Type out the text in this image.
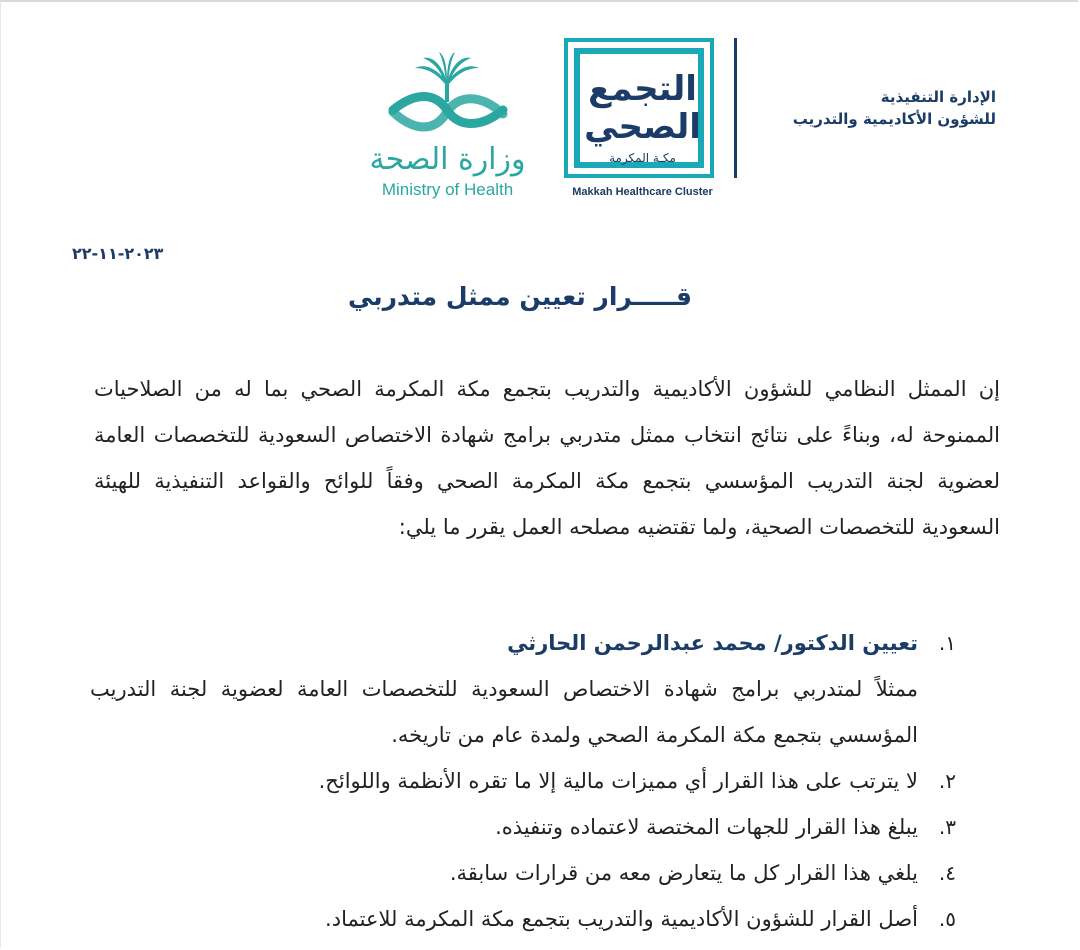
وزارة الصحة
Ministry of Health
التجمع
الصحي
مكـة المكرمة
Makkah Healthcare Cluster
الإدارة التنفيذية
للشؤون الأكاديمية والتدريب
٢٠٢٣-١١-٢٢
قـــــرار تعيين ممثل متدربي
إن الممثل النظامي للشؤون الأكاديمية والتدريب بتجمع مكة المكرمة الصحي بما له من الصلاحيات الممنوحة له، وبناءً على نتائج انتخاب ممثل متدربي برامج شهادة الاختصاص السعودية للتخصصات العامة لعضوية لجنة التدريب المؤسسي بتجمع مكة المكرمة الصحي وفقاً للوائح والقواعد التنفيذية للهيئة السعودية للتخصصات الصحية، ولما تقتضيه مصلحه العمل يقرر ما يلي:
١.
تعيين الدكتور/ محمد عبدالرحمن الحارثي
ممثلاً لمتدربي برامج شهادة الاختصاص السعودية للتخصصات العامة لعضوية لجنة التدريب المؤسسي بتجمع مكة المكرمة الصحي ولمدة عام من تاريخه.
٢.
لا يترتب على هذا القرار أي مميزات مالية إلا ما تقره الأنظمة واللوائح.
٣.
يبلغ هذا القرار للجهات المختصة لاعتماده وتنفيذه.
٤.
يلغي هذا القرار كل ما يتعارض معه من قرارات سابقة.
٥.
أصل القرار للشؤون الأكاديمية والتدريب بتجمع مكة المكرمة للاعتماد.
